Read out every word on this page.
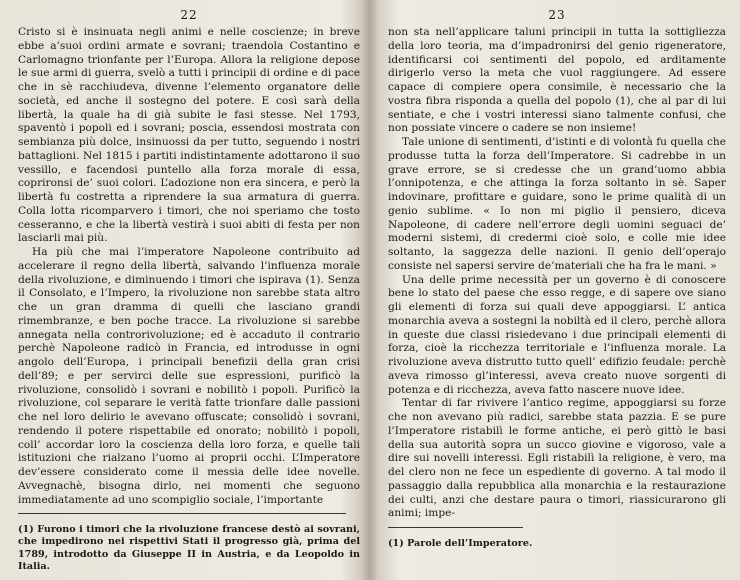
22

Cristo si è insinuata negli animi e nelle coscienze; in breve ebbe a’suoi ordini armate e sovrani; traendola Costantino e Carlomagno trionfante per l’Europa. Allora la religione depose le sue armi di guerra, svelò a tutti i principii di ordine e di pace che in sè racchiudeva, divenne l’elemento organatore delle società, ed anche il sostegno del potere. E così sarà della libertà, la quale ha di già subite le fasi stesse. Nel 1793, spaventò i popoli ed i sovrani; posciа, essendosi mostrata con sembianza più dolce, insinuossi da per tutto, seguendo i nostri battaglioni. Nel 1815 i partiti indistintamente adottarono il suo vessillo, e facendosi puntello alla forza morale di essa, coprironsi de’ suoi colori. L’adozione non era sincera, e però la libertà fu costretta a riprendere la sua armatura di guerra. Colla lotta ricomparvero i timori, che noi speriamo che tosto cesseranno, e che la libertà vestirà i suoi abiti di festa per non lasciarli mai più.

Ha più che mai l’imperatore Napoleone contribuito ad accelerare il regno della libertà, salvando l’influenza morale della rivoluzione, e diminuendo i timori che ispirava (1). Senza il Consolato, e l’Impero, la rivoluzione non sarebbe stata altro che un gran dramma di quelli che lasciano grandi rimembranze, e ben poche tracce. La rivoluzione si sarebbe annegata nella controrivoluzione; ed è accaduto il contrario perchè Napoleone radicò in Francia, ed introdusse in ogni angolo dell’Europa, i principali benefizii della gran crisi dell’89; e per servirci delle sue espressioni, purificò la rivoluzione, consolidò i sovrani e nobilitò i popoli. Purificò la rivoluzione, col separare le verità fatte trionfare dalle passioni che nel loro delirio le avevano offuscate; consolidò i sovrani, rendendo il potere rispettabile ed onorato; nobilitò i popoli, coll’ accordar loro la coscienza della loro forza, e quelle tali istituzioni che rialzano l’uomo ai proprii occhi. L’Imperatore dev’essere considerato come il messia delle idee novelle. Avvegnachè, bisogna dirlo, nei momenti che seguono immediatamente ad uno scompiglio sociale, l’importante

(1) Furono i timori che la rivoluzione francese destò ai sovrani, che impedirono nei rispettivi Stati il progresso già, prima del 1789, introdotto da Giuseppe II in Austria, e da Leopoldo in Italia.

23

non sta nell’applicare taluni principii in tutta la sottigliezza della loro teoria, ma d’impadronirsi del genio rigeneratore, identificarsi coi sentimenti del popolo, ed arditamente dirigerlo verso la meta che vuol raggiungere. Ad essere capace di compiere opera consimile, è necessario che la vostra fibra risponda a quella del popolo (1), che al par di lui sentiate, e che i vostri interessi siano talmente confusi, che non possiate vincere o cadere se non insieme!

Tale unione di sentimenti, d’istinti e di volontà fu quella che produsse tutta la forza dell’Imperatore. Si cadrebbe in un grave errore, se si credesse che un grand’uomo abbia l’onnipotenza, e che attinga la forza soltanto in sè. Saper indovinare, profittare e guidare, sono le prime qualità di un genio sublime. « Io non mi piglio il pensiero, diceva Napoleone, di cadere nell’errore degli uomini seguaci de’ moderni sistemi, di credermi cioè solo, e colle mie idee soltanto, la saggezza delle nazioni. Il genio dell’operajo consiste nel sapersi servire de’materiali che ha fra le mani. »

Una delle prime necessità per un governo è di conoscere bene lo stato del paese che esso regge, e di sapere ove siano gli elementi di forza sui quali deve appoggiarsi. L’ antica monarchia aveva a sostegni la nobiltà ed il clero, perchè allora in queste due classi risiedevano i due principali elementi di forza, cioè la ricchezza territoriale e l’influenza morale. La rivoluzione aveva distrutto tutto quell’ edifizio feudale: perchè aveva rimosso gl’interessi, aveva creato nuove sorgenti di potenza e di ricchezza, aveva fatto nascere nuove idee.

Tentar di far rivivere l’antico regime, appoggiarsi su forze che non avevano più radici, sarebbe stata pazzia. E se pure l’Imperatore ristabilì le forme antiche, ei però gittò le basi della sua autorità sopra un succo giovine e vigoroso, vale a dire sui novelli interessi. Egli ristabilì la religione, è vero, ma del clero non ne fece un espediente di governo. A tal modo il passaggio dalla repubblica alla monarchia e la restaurazione dei culti, anzi che destare paura o timori, riassicurarono gli animi; impe-

(1) Parole dell’Imperatore.
